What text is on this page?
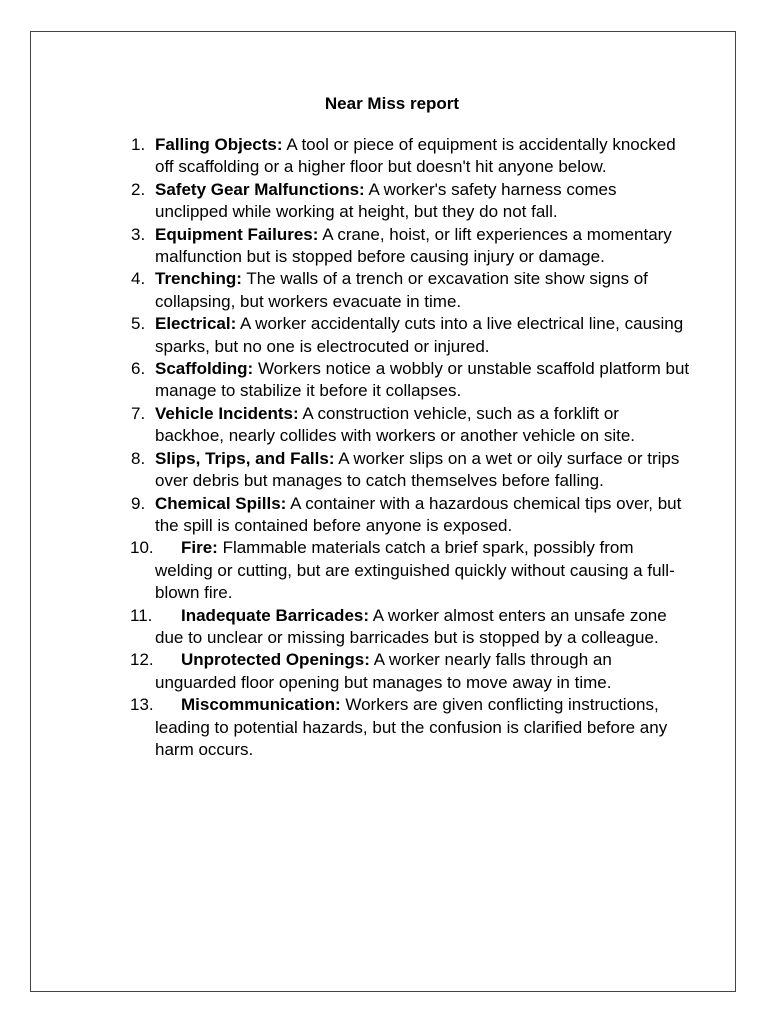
Near Miss report
1. Falling Objects: A tool or piece of equipment is accidentally knocked off scaffolding or a higher floor but doesn't hit anyone below.
2. Safety Gear Malfunctions: A worker's safety harness comes unclipped while working at height, but they do not fall.
3. Equipment Failures: A crane, hoist, or lift experiences a momentary malfunction but is stopped before causing injury or damage.
4. Trenching: The walls of a trench or excavation site show signs of collapsing, but workers evacuate in time.
5. Electrical: A worker accidentally cuts into a live electrical line, causing sparks, but no one is electrocuted or injured.
6. Scaffolding: Workers notice a wobbly or unstable scaffold platform but manage to stabilize it before it collapses.
7. Vehicle Incidents: A construction vehicle, such as a forklift or backhoe, nearly collides with workers or another vehicle on site.
8. Slips, Trips, and Falls: A worker slips on a wet or oily surface or trips over debris but manages to catch themselves before falling.
9. Chemical Spills: A container with a hazardous chemical tips over, but the spill is contained before anyone is exposed.
10. Fire: Flammable materials catch a brief spark, possibly from welding or cutting, but are extinguished quickly without causing a full-blown fire.
11. Inadequate Barricades: A worker almost enters an unsafe zone due to unclear or missing barricades but is stopped by a colleague.
12. Unprotected Openings: A worker nearly falls through an unguarded floor opening but manages to move away in time.
13. Miscommunication: Workers are given conflicting instructions, leading to potential hazards, but the confusion is clarified before any harm occurs.
